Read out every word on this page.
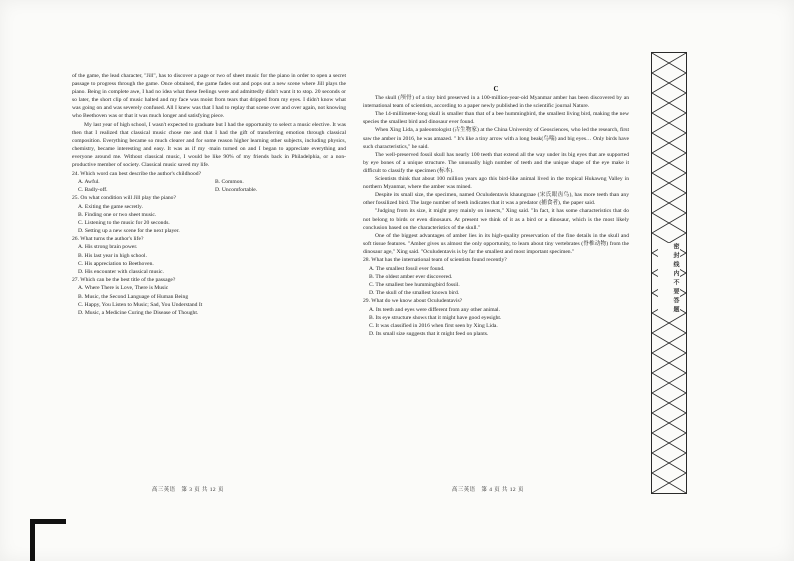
of the game, the lead character, "Jill", has to discover a page or two of sheet music for the piano in order to open a secret passage to progress through the game. Once obtained, the game fades out and pops out a new scene where Jill plays the piano. Being in complete awe, I had no idea what these feelings were and admittedly didn't want it to stop. 20 seconds or so later, the short clip of music halted and my face was moist from tears that dripped from my eyes. I didn't know what was going on and was severely confused. All I knew was that I had to replay that scene over and over again, not knowing who Beethoven was or that it was much longer and satisfying piece.

My last year of high school, I wasn't expected to graduate but I had the opportunity to select a music elective. It was then that I realized that classical music chose me and that I had the gift of transferring emotion through classical composition. Everything became so much clearer and for some reason higher learning other subjects, including physics, chemistry, became interesting and easy. It was as if my ·main turned on and I began to appreciate everything and everyone around me. Without classical music, I would be like 90% of my friends back in Philadelphia, or a non-productive member of society. Classical music saved my life.

24. Which word can best describe the author's childhood?

A. Awful.	B. Common.
C. Badly-off.	D. Uncomfortable.

25. On what condition will Jill play the piano?

A. Exiting the game secretly.

B. Finding one or two sheet music.

C. Listening to the music for 20 seconds.

D. Setting up a new scene for the next player.

26. What turns the author's life?

A. His strong brain power.

B. His last year in high school.

C. His appreciation to Beethoven.

D. His encounter with classical music.

27. Which can be the best title of the passage?

A. Where There is Love, There is Music

B. Music, the Second Language of Human Being

C. Happy, You Listen to Music; Sad, You Understand It

D. Music, a Medicine Curing the Disease of Thought.

高三英语　第 3 页 共 12 页
C

The skull (颅骨) of a tiny bird preserved in a 100-million-year-old Myanmar amber has been discovered by an international team of scientists, according to a paper newly published in the scientific journal Nature.

The 14-millimeter-long skull is smaller than that of a bee hummingbird, the smallest living bird, making the new species the smallest bird and dinosaur ever found.

When Xing Lida, a paleontologist (古生物家) at the China University of Geosciences, who led the research, first saw the amber in 2016, he was amazed. " It's like a tiny arrow with a long beak(鸟喘) and big eyes… Only birds have such characteristics," he said.

The well-preserved fossil skull has nearly 100 teeth that extend all the way under its big eyes that are supported by eye bones of a unique structure. The unusually high number of teeth and the unique shape of the eye make it difficult to classify the specimen (标本).

Scientists think that about 100 million years ago this bird-like animal lived in the tropical Hukawng Valley in northern Myanmar, where the amber was mined.

Despite its small size, the specimen, named Oculudentavis khaungraae (宋氏眼齿鸟), has more teeth than any other fossilized bird. The large number of teeth indicates that it was a predator (捕食者), the paper said.

"Judging from its size, it might prey mainly on insects," Xing said. "In fact, it has some characteristics that do not belong to birds or even dinosaurs. At present we think of it as a bird or a dinosaur, which is the most likely conclusion based on the characteristics of the skull."

One of the biggest advantages of amber lies in its high-quality preservation of the fine details in the skull and soft tissue features. "Amber gives us almost the only opportunity, to learn about tiny vertebrates (脊椎动物) from the dinosaur age," Xing said. "Oculudentavis is by far the smallest and most important specimen."

28. What has the international team of scientists found recently?

A. The smallest fossil ever found.

B. The oldest amber ever discovered.

C. The smallest bee hummingbird fossil.

D. The skull of the smallest known bird.

29. What do we know about Oculudentavis?

A. Its teeth and eyes were different from any other animal.

B. Its eye structure shows that it might have good eyesight.

C. It was classified in 2016 when first seen by Xing Lida.

D. Its small size suggests that it might feed on plants.

高三英语　第 4 页 共 12 页
密封线内不要答题
